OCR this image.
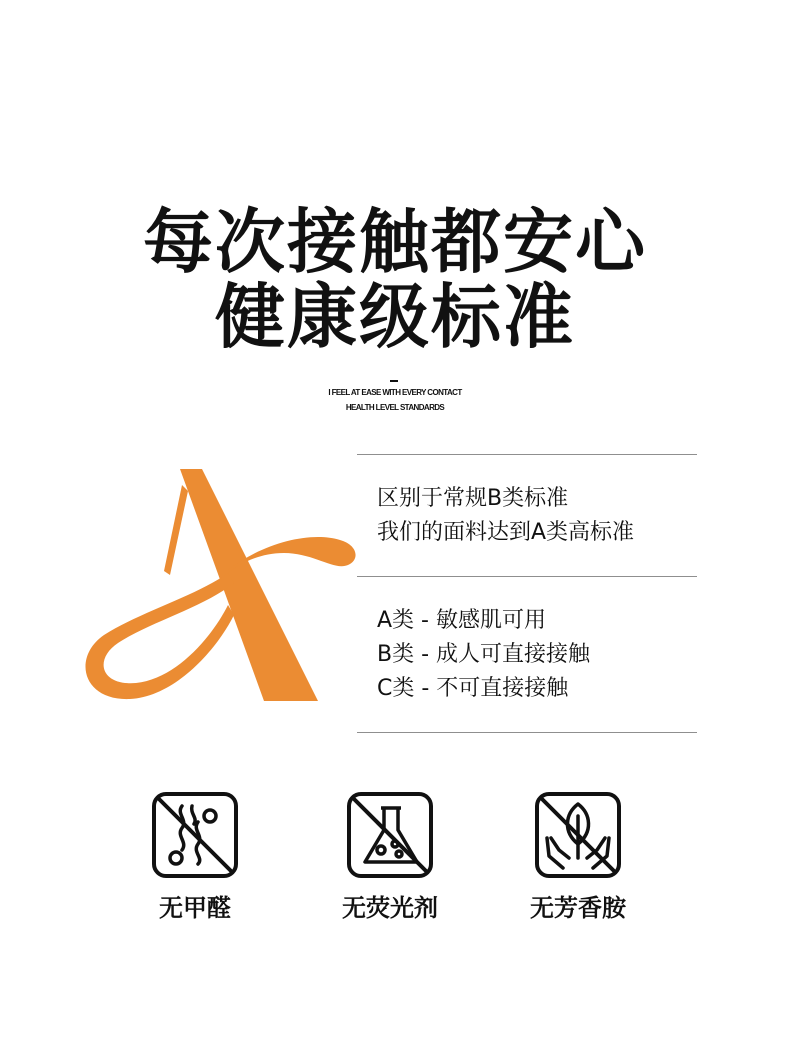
每次接触都安心
健康级标准
I FEEL AT EASE WITH EVERY CONTACT
HEALTH LEVEL STANDARDS
区别于常规B类标准
我们的面料达到A类高标准
A类 - 敏感肌可用
B类 - 成人可直接接触
C类 - 不可直接接触
无甲醛	无荧光剂	无芳香胺
